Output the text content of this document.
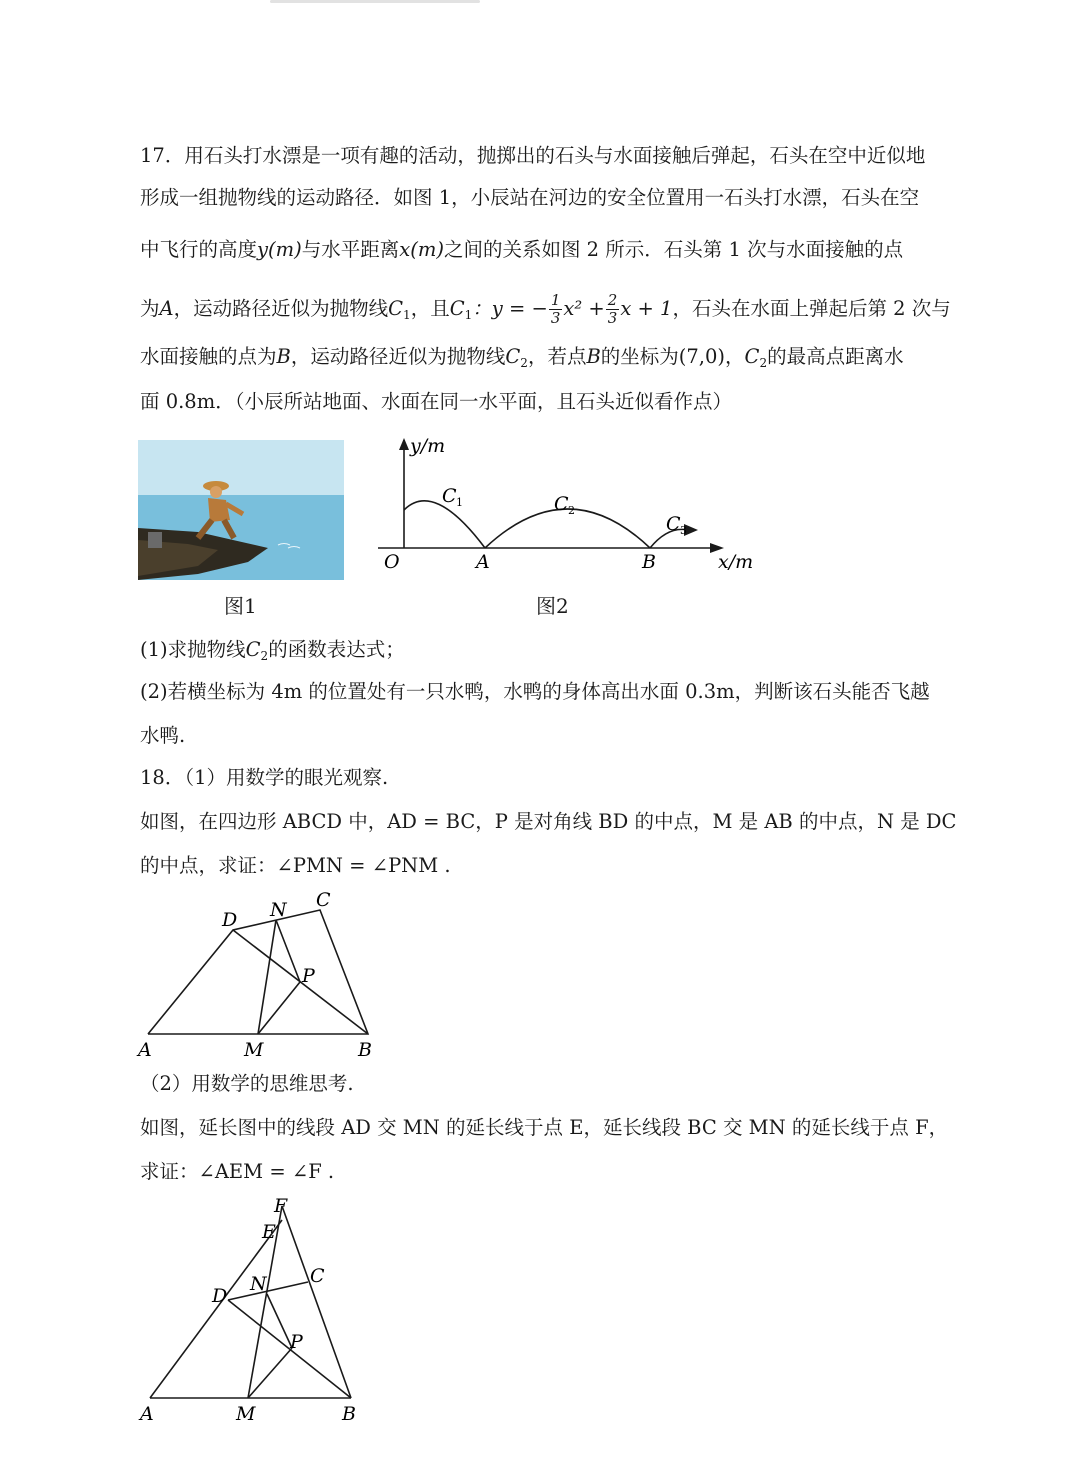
17．用石头打水漂是一项有趣的活动，抛掷出的石头与水面接触后弹起，石头在空中近似地
形成一组抛物线的运动路径．如图 1，小辰站在河边的安全位置用一石头打水漂，石头在空
中飞行的高度y(m)与水平距离x(m)之间的关系如图 2 所示．石头第 1 次与水面接触的点
为A，运动路径近似为抛物线$C_1$，且$C_1$：y = − $\frac{1}{3} x^2 + \frac{2}{3}$ x + 1，石头在水面上弹起后第 2 次与
水面接触的点为B，运动路径近似为抛物线$C_2$，若点B的坐标为(7,0)，$C_2$的最高点距离水
面 0.8m．（小辰所站地面、水面在同一水平面，且石头近似看作点）
图1
y/m
x/m
O	A	B
C 1	C 2
C 3
图2
(1)求抛物线$C_2$的函数表达式；
(2)若横坐标为 4m 的位置处有一只水鸭，水鸭的身体高出水面 0.3m，判断该石头能否飞越
水鸭.
18．（1）用数学的眼光观察.
如图，在四边形 ABCD 中，AD = BC，P 是对角线 BD 的中点，M 是 AB 的中点，N 是 DC
的中点，求证：∠PMN = ∠PNM .
A	M	B
D N C
P
（2）用数学的思维思考.
如图，延长图中的线段 AD 交 MN 的延长线于点 E，延长线段 BC 交 MN 的延长线于点 F，
求证：∠AEM = ∠F .
A	M	B
D
N C
P
E
F
